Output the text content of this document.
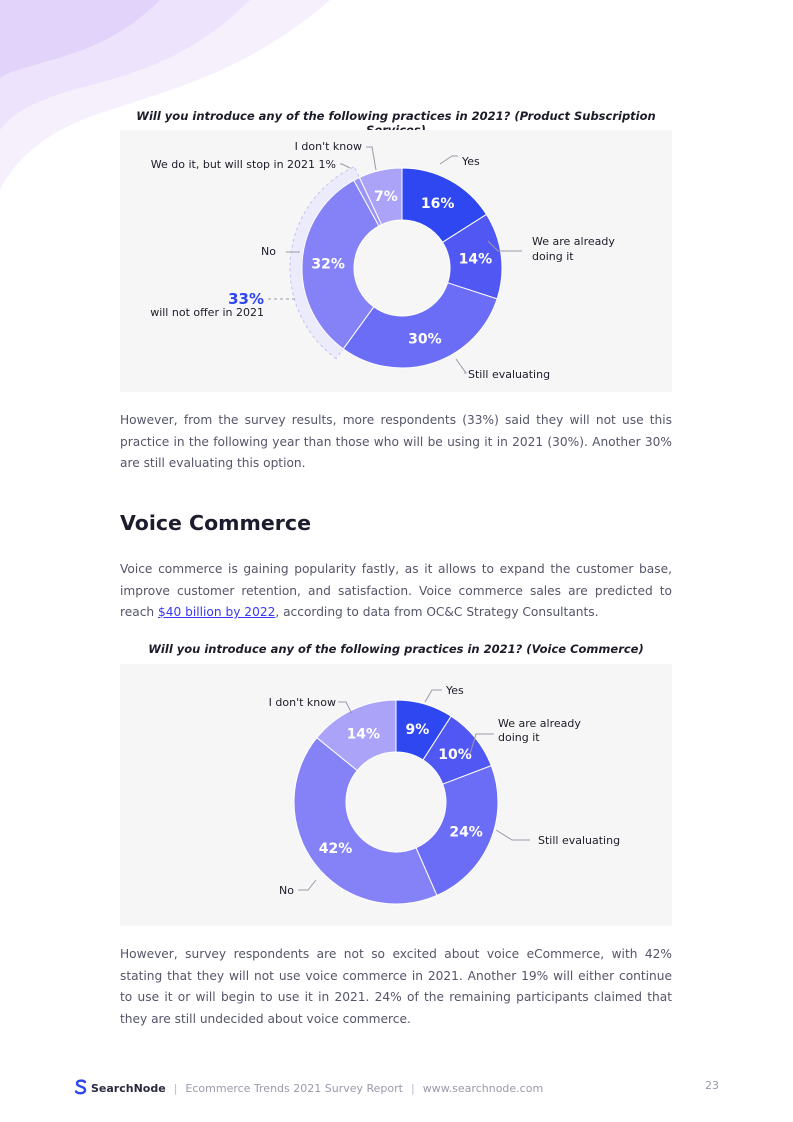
Will you introduce any of the following practices in 2021? (Product Subscription
16%
14%
30%
32%
7%
Yes
We are already
doing it
Still evaluating
No
We do it, but will stop in 2021 1%
I don't know
33%
will not offer in 2021

However, from the survey results, more respondents (33%) said they will not use this practice in the following year than those who will be using it in 2021 (30%). Another 30% are still evaluating this option.

Voice Commerce

Voice commerce is gaining popularity fastly, as it allows to expand the customer base, improve customer retention, and satisfaction. Voice commerce sales are predicted to reach $40 billion by 2022, according to data from OC&C Strategy Consultants.

Will you introduce any of the following practices in 2021? (Voice Commerce)
9%
10%
24%
42%
14%
Yes
We are already
doing it
Still evaluating
No
I don't know

However, survey respondents are not so excited about voice eCommerce, with 42% stating that they will not use voice commerce in 2021. Another 19% will either continue to use it or will begin to use it in 2021. 24% of the remaining participants claimed that they are still undecided about voice commerce.

SearchNode | Ecommerce Trends 2021 Survey Report | www.searchnode.com	23
